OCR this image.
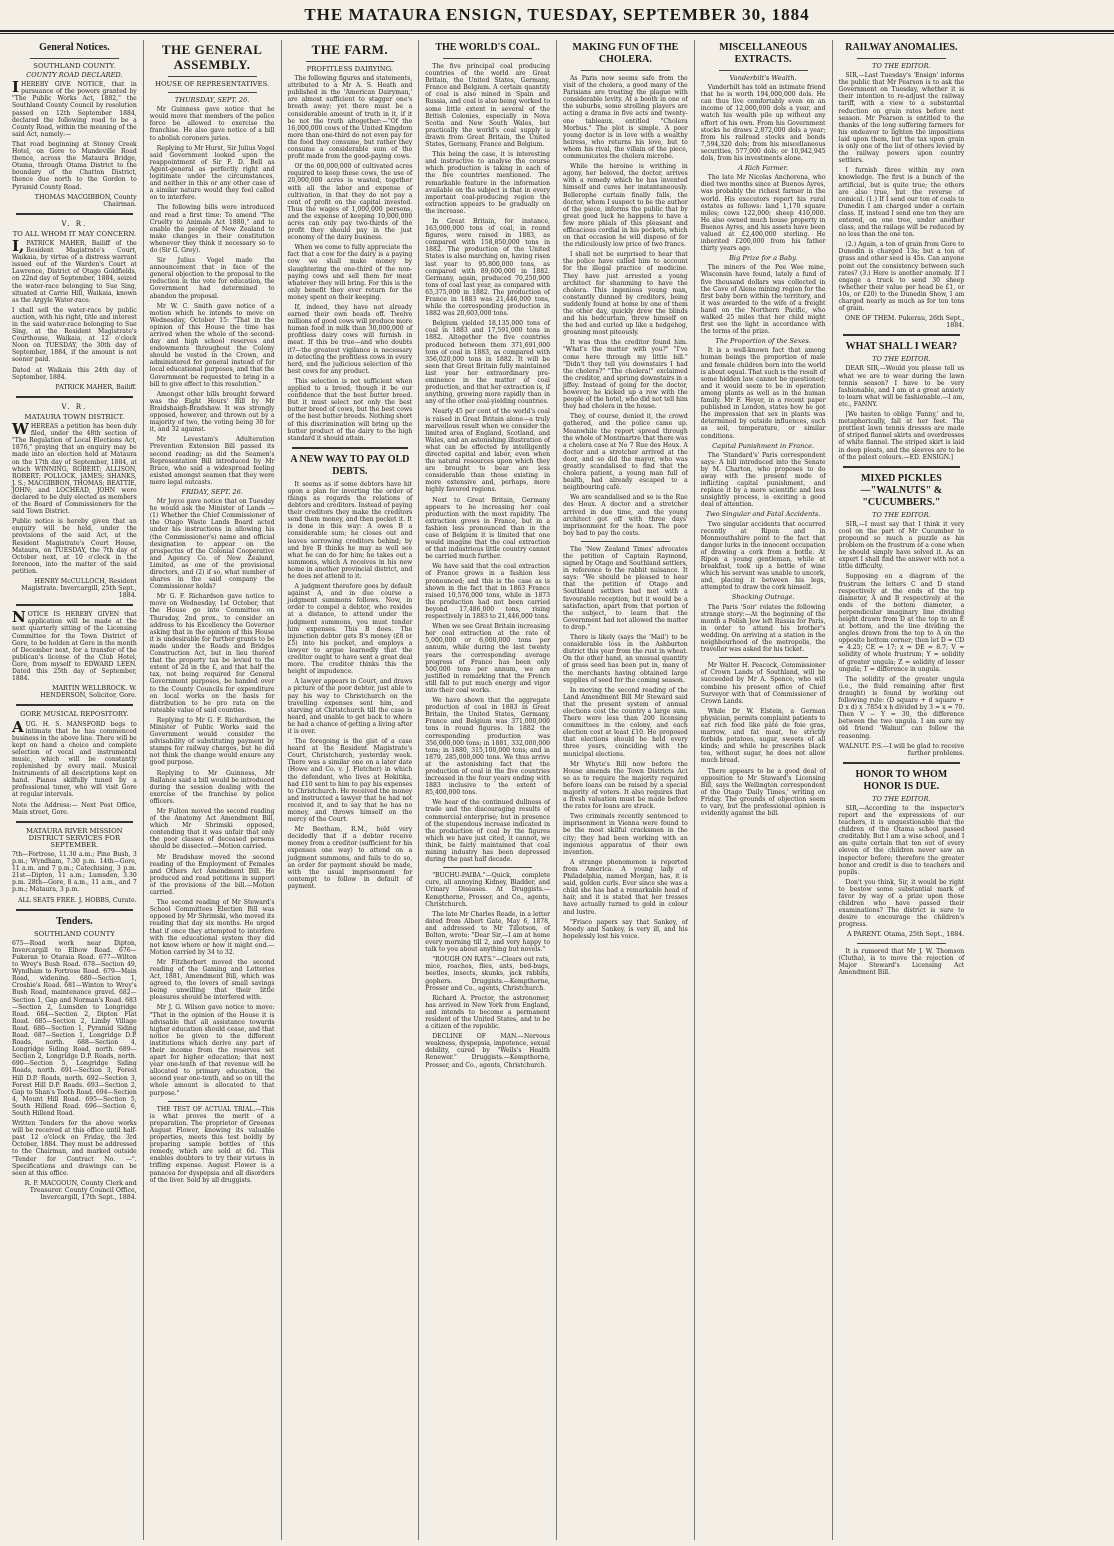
THE MATAURA ENSIGN, TUESDAY, SEPTEMBER 30, 1884
General Notices.
SOUTHLAND COUNTY.
COUNTY ROAD DECLARED.

IHEREBY GIVE NOTICE, that in pursuance of the powers granted by "The Public Works Act, 1882," the Southland County Council by resolution passed on 12th September 1884, declared the following road to be a County Road, within the meaning of the said Act, namely:—

That road beginning at Stoney Creek Hotel, on Gore to Mandeville Road thence, across the Mataura Bridge, Otama, through Otama District to the boundary of the Chatton District, thence due north to the Gordon to Pyramid County Road.

THOMAS MACGIBBON, County Chairman.
V. R.
TO ALL WHOM IT MAY CONCERN.

I,PATRICK MAHER, Bailiff of the Resident Magistrate's Court, Waikaia, by virtue of a distress warrant issued out of the Warden's Court at Lawrence, District of Otago Goldfields, on 22nd day of September, 1884, seized the water-race belonging to Sue Sing, situated at Carrie Hill, Waikaia, known as the Argyle Water-race.

I shall sell the water-race by public auction, with his right, title and interest in the said water-race belonging to Sue Sing, at the Resident Magistrate's Courthouse, Waikaia, at 12 o'clock Noon on TUESDAY, the 30th day of September, 1884, if the amount is not sooner paid.

Dated at Waikaia this 24th day of September, 1884.

PATRICK MAHER, Bailiff.
V. R.
MATAURA TOWN DISTRICT.

WHEREAS a petition has been duly filed, under the 48th section of "The Regulation of Local Elections Act, 1876," praying that an enquiry may be made into an election held at Mataura on the 17th day of September, 1884, at which WINNING, ROBERT; ALLISON, ROBERT; POLLOCK, JAMES; SHANKS, J. S.; MACGIBBON, THOMAS; BEATTIE, JOHN; and LOCHEAD, JOHN were declared to be duly elected as members of the Board of Commissioners for the said Town District.

Public notice is hereby given that an enquiry will be held, under the provisions of the said Act, at the Resident Magistrate's Court House, Mataura, on TUESDAY, the 7th day of October next, at 10 o'clock in the forenoon, into the matter of the said petition.

HENRY McCULLOCH, Resident Magistrate. Invercargill, 25th Sept., 1884.

NOTICE IS HEREBY GIVEN that application will be made at the next quarterly sitting of the Licensing Committee for the Town District of Gore, to be holden at Gore in the month of December next, for a transfer of the publican's license of the Club Hotel, Gore, from myself to EDWARD LEEN. Dated this 25th day of September, 1884.

MARTIN WELLBROCK. W. HENDERSON, Solicitor, Gore.
GORE MUSICAL REPOSITORY.

AUG. H. S. MANSFORD begs to intimate that he has commenced business in the above line. There will be kept on hand a choice and complete selection of vocal and instrumental music, which will be constantly replenished by every mail. Musical Instruments of all descriptions kept on hand. Pianos skilfully tuned by a professional tuner, who will visit Gore at regular intervals.

Note the Address:— Next Post Office, Main street, Gore.

MATAURA RIVER MISSION DISTRICT SERVICES FOR SEPTEMBER.

7th—Fortrose, 11.30 a.m.; Pine Bush, 3 p.m.; Wyndham, 7.30 p.m. 14th—Gore, 11 a.m. and 7 p.m.; Catechising, 3 p.m. 21st—Dipton, 11 a.m.; Lumsden, 3.30 p.m. 28th—Gore, 8 a.m., 11 a.m., and 7 p.m.; Mataura, 3 p.m.

ALL SEATS FREE. J. HOBBS, Curate.
Tenders.
SOUTHLAND COUNTY

675—Road work near Dipton, Invercargill to Elbow Road. 676—Fukeran to Otaraia Road. 677—Wilton to Wrey's Bush Road. 678—Section 49, Wyndham to Fortrose Road. 679—Main Road, widening. 680—Section 1, Crosbie's Road. 681—Winton to Wrey's Bush Road, maintenance gravel. 682—Section 1, Gap and Norman's Road. 683—Section 2, Lumsden to Longridge Road. 684—Section 2, Dipton Flat Road. 685—Section 2, Limby Village Road. 686—Section 1, Pyramid Siding Road. 687—Section 1, Longridge D.P. Roads, north. 688—Section 4, Longridge Siding Road, north. 689—Section 2, Longridge D.P. Roads, north. 690—Section 5, Longridge Siding Roads, north. 691—Section 3, Forest Hill D.P. Roads, north. 692—Section 3, Forest Hill D.P. Roads. 693—Section 2, Gap to Shan's Tooth Road. 694—Section 4, Mount Hill Road. 695—Section 5, South Hillend Road. 696—Section 6, South Hillend Road.

Written Tenders for the above works will be received at this office until half-past 12 o'clock on Friday, the 3rd October, 1884. They must be addressed to the Chairman, and marked outside "Tender for Contract No. —". Specifications and drawings can be seen at this office.

R. P. MACGOUN, County Clerk and Treasurer. County Council Office, Invercargill, 17th Sept., 1884.
THE GENERAL ASSEMBLY.
HOUSE OF REPRESENTATIVES.
THURSDAY, SEPT. 26.

Mr Guinness gave notice that he would move that members of the police force be allowed to exercise the franchise. He also gave notice of a bill to abolish coroners juries.

Replying to Mr Hurst, Sir Julius Vogel said Government looked upon the reappointment of Sir F. D. Bell as Agent-general as perfectly right and legitimate under the circumstances, and neither in this or any other case of a similar nature would they feel called on to interfere.

The following bills were introduced and read a first time: To amend "The Cruelty to Animals Act 1880," and to enable the people of New Zealand to make changes in their constitution whenever they think it necessary so to do (Sir G. Grey).

Sir Julius Vogel made the announcement that in face of the general objection to the proposal to the reduction in the vote for education, the Government had determined to abandon the proposal.

Mr W. C. Smith gave notice of a motion which he intends to move on Wednesday, October 15: "That in the opinion of this House the time has arrived when the whole of the second-day and high school reserves and endowments throughout the Colony should be vested in the Crown, and administered for general instead of for local educational purposes, and that the Government be requested to bring in a bill to give effect to this resolution."

Amongst other bills brought forward was the Eight Hours' Bill by Mr Braidshaigh-Bradshaw. It was strongly opposed, however, and thrown out by a majority of two, the voting being 30 for it, and 32 against.

Mr Levestam's Adulteration Prevention Extension Bill passed its second reading; as did the Seamen's Representation Bill introduced by Mr Bruce, who said a widespread feeling existed amongst seamen that they were mere legal outcasts.

FRIDAY, SEPT. 26.

Mr Joyce gave notice that on Tuesday he would ask the Minister of Lands — (1) Whether the Chief Commissioner of the Otago Waste Lands Board acted under his instructions in allowing his (the Commissioner's) name and official designation to appear on the prospectus of the Colonial Cooperative and Agency Co. of New Zealand, Limited, as one of the provisional directors, and (2) if so, what number of shares in the said company the Commissioner holds?

Mr G. F. Richardson gave notice to move on Wednesday, 1st October, that the House go into Committee on Thursday, 2nd prox., to consider an address to his Excellency the Governor asking that in the opinion of this House it is undesirable for further grants to be made under the Roads and Bridges Construction Act, but in lieu thereof that the property tax be levied to the extent of 2d in the £, and that half the tax, not being required for General Government purposes, be handed over to the County Councils for expenditure on local works on the basis for distribution to be pro rata on the rateable value of said counties.

Replying to Mr G. F. Richardson, the Minister of Public Works said the Government would consider the advisability of substituting payment by stamps for railway charges, but he did not think the change would ensure any good purpose.

Replying to Mr Guinness, Mr Ballance said a bill would be introduced during the session dealing with the exercise of the franchise by police officers.

Mr Fulton moved the second reading of the Anatomy Act Amendment Bill, which Mr Shrimski opposed, contending that it was unfair that only the poor classes of deceased persons should be dissected.—Motion carried.

Mr Bradshaw moved the second reading of the Employment of Females and Others Act Amendment Bill. He produced and read petitions in support of the provisions of the bill.—Motion carried.

The second reading of Mr Steward's School Committees Election Bill was opposed by Mr Shrimski, who moved its reading that day six months. He urged that if once they attempted to interfere with the educational system they did not know where or how it might end.—Motion carried by 34 to 32.

Mr Fitzherbert moved the second reading of the Gaming and Lotteries Act, 1881, Amendment Bill, which was agreed to, the lovers of small savings being unwilling that their little pleasures should be interfered with.

Mr J. G. Wilson gave notice to move: "That in the opinion of the House it is advisable that all assistance towards higher education should cease, and that notice be given to the different institutions which derive any part of their income from the reserves set apart for higher education; that next year one-tenth of that revenue will be allocated to primary education, the second year one-tenth, and so on till the whole amount is allocated to that purpose."

THE TEST OF ACTUAL TRIAL.—This is what proves the merit of a preparation. The proprietor of Greenes August Flower, knowing its valuable properties, meets this test boldly by preparing sample bottles of this remedy, which are sold at 6d. This enables doubters to try their virtues in trifling expense. August Flower is a panacea for dyspepsia and all disorders of the liver. Sold by all druggists.

THE FARM.
PROFITLESS DAIRYING.

The following figures and statements, attributed to a Mr A. S. Heath and published in the 'American Dairyman,' are almost sufficient to stagger one's breath away; yet there must be a considerable amount of truth in it, if it be not the truth altogether:—"Of the 16,000,000 cows of the United Kingdom more than one-third do not even pay for the food they consume, but rather they consume a considerable sum of the profit made from the good-paying cows.

Of the 60,000,000 of cultivated acres required to keep these cows, the use of 20,000,000 acres is wasted, together with all the labor and expense of cultivation, in that they do not pay a cent of profit on the capital invested. Thus the wages of 1,000,000 persons, and the expense of keeping 10,000,000 acres can only pay two-thirds of the profit they should pay in the just economy of the dairy business.

When we come to fully appreciate the fact that a cow for the dairy is a paying cow we shall make money by slaughtering the one-third of the non-paying cows and sell them for meat whatever they will bring. For this is the only benefit they ever return for the money spent on their keeping.

If, indeed, they have not already earned their own heads off. Twelve millions of good cows will produce more human food in milk than 30,000,000 of profitless dairy cows will furnish in meat. If this be true—and who doubts it?—the greatest vigilance is necessary in detecting the profitless cows in every herd, and the judicious selection of the best cows for any product.

This selection is not sufficient when applied to a breed, though it be our confidence that the best butter breed. But it must select not only the best butter breed of cows, but the best cows of the best butter breeds. Nothing short of this discrimination will bring up the butter product of the dairy to the high standard it should attain.

A NEW WAY TO PAY OLD DEBTS.

It seems as if some debtors have hit upon a plan for inverting the order of things as regards the relations of debtors and creditors. Instead of paying their creditors they make the creditors send them money, and then pocket it. It is done in this way: A owes B a considerable sum; he closes out and leaves sorrowing creditors behind; by and bye B thinks he may as well see what he can do for him; he takes out a summons, which A receives in his new home in another provincial district, and he does not attend to it.

A judgment therefore goes by default against A, and in due course a judgment summons follows. Now, in order to compel a debtor, who resides at a distance, to attend under the judgment summons, you must tender him expenses. This B does. The injunction debtor gets B's money (£8 or £5) into his pocket, and employs a lawyer to argue learnedly that the creditor ought to have sent a great deal more. The creditor thinks this the height of impudence.

A lawyer appears in Court, and draws a picture of the poor debtor, just able to pay his way to Christchurch on the travelling expenses sent him, and starving at Christchurch till the case is heard, and unable to get back to where he had a chance of getting a living after it is over.

The foregoing is the gist of a case heard at the Resident Magistrate's Court, Christchurch, yesterday week. There was a similar one on a later date (Howe and Co. v. J. Fletcher) in which the defendant, who lives at Hokitika, had £10 sent to him to pay his expenses to Christchurch. He received the money and instructed a lawyer that he had not received it, and to say that he has no money, and throws himself on the mercy of the Court.

Mr Beetham, R.M., held very decidedly that if a debtor receive money from a creditor (sufficient for his expenses one way) to attend on a judgment summons, and fails to do so, an order for payment should be made, with the usual imprisonment for contempt to follow in default of payment.

THE WORLD'S COAL.

The five principal coal producing countries of the world are Great Britain, the United States, Germany, France and Belgium. A certain quantity of coal is also mined in Spain and Russia, and coal is also being worked to some little extent in several of the British Colonies, especially in Nova Scotia and New South Wales, but practically the world's coal supply is drawn from Great Britain, the United States, Germany, France and Belgium.

This being the case, it is interesting and instructive to analyse the course which production is taking in each of the five countries mentioned. The remarkable feature in the information available on the subject is that in every important coal-producing region the extraction appears to be gradually on the increase.

In Great Britain, for instance, 163,000,000 tons of coal, in round figures, were raised in 1883, as compared with 158,850,000 tons in 1882. The production of the United States is also marching on, having risen last year to 95,800,000 tons, as compared with 89,600,000 in 1882. Germany, again, produced 70,250,000 tons of coal last year, as compared with 65,375,000 in 1882. The production of France in 1883 was 21,446,000 tons, while the corresponding production in 1882 was 20,603,000 tons.

Belgium yielded 18,135,000 tons of coal in 1883 and 17,591,000 tons in 1882. Altogether the five countries produced between them 371,691,000 tons of coal in 1883, as compared with 356,020,000 tons in 1882. It will be seen that Great Britain fully maintained last year her extraordinary pre-eminence in the matter of coal production, and that her extraction is, if anything, growing more rapidly than in any of the other coal-yielding countries.

Nearly 45 per cent of the world's coal is raised in Great Britain alone—a truly marvellous result when we consider the limited area of England, Scotland, and Wales, and an astonishing illustration of what can be effected by intelligently directed capital and labor, even when the natural resources upon which they are brought to bear are less considerable than those existing in more extensive and, perhaps, more highly favored regions.

Next to Great Britain, Germany appears to be increasing her coal production with the most rapidity. The extraction grows in France, but in a fashion less pronounced than in the case of Belgium it is limited that one would imagine that the coal extraction of that industrious little country cannot be carried much further.

We have said that the coal extraction of France grows in a fashion less pronounced; and this is the case as is shown in the fact that in 1863 France raised 10,576,000 tons, while in 1873 the production had not been carried beyond 17,486,000 tons, rising respectively in 1883 to 21,446,000 tons.

When we see Great Britain increasing her coal extraction at the rate of 5,000,000 or 6,000,000 tons per annum, while during the last twenty years the corresponding average progress of France has been only 500,000 tons per annum, we are justified in remarking that the French still fall to put much energy and vigor into their coal works.

We have shown that the aggregate production of coal in 1883 in Great Britain, the United States, Germany, France and Belgium was 371,000,000 tons in round figures. In 1882 the corresponding production was 356,000,000 tons; in 1881, 332,000,000 tons; in 1880, 315,100,000 tons; and in 1879, 285,000,000 tons. We thus arrive at the astonishing fact that the production of coal in the five countries increased in the four years ending with 1883 inclusive to the extent of 85,400,000 tons.

We hear of the continued dullness of trade and the discouraging results of commercial enterprise; but in presence of the stupendous increase indicated in the production of coal by the figures which we have just cited, it cannot, we think, be fairly maintained that coal mining industry has been depressed during the past half decade.

"BUCHU-PAIBA."—Quick, complete cure, all annoying Kidney, Bladder, and Urinary Diseases. At Druggists.—Kempthorne, Prosser, and Co., agents, Christchurch.

The late Mr Charles Reade, in a letter dated from Albert Gate, May 6, 1878, and addressed to Mr Tillotson, of Bolton, wrote: "Dear Sir,—I am at home every morning till 2, and very happy to talk to you about anything but novels."

"ROUGH ON RATS."—Clears out rats, mice, roaches, flies, ants, bed-bugs, beetles, insects, skunks, jack rabbits, gophers. Druggists.—Kempthorne, Prosser and Co., agents, Christchurch.

Richard A. Proctor, the astronomer, has arrived in New York from England, and intends to become a permanent resident of the United States, and to be a citizen of the republic.

DECLINE OF MAN.—Nervous weakness, dyspepsia, impotence, sexual debility, cured by "Wells's Health Renewer." Druggists.—Kempthorne, Prosser, and Co., agents, Christchurch.

MAKING FUN OF THE CHOLERA.

As Paris now seems safe from the visit of the cholera, a good many of the Parisians are treating the plague with considerable levity. At a booth in one of the suburbs, some strolling players are acting a drama in five acts and twenty-one tableaux, entitled "Cholera Morbus." The plot is simple. A poor young doctor is in love with a wealthy heiress, who returns his love, but to whom his rival, the villain of the piece, communicates the cholera microbe.

While the heroine is writhing in agony, her beloved, the doctor, arrives with a remedy which he has invented himself and cures her instantaneously. Bellerophe curtain finally falls, the doctor, whom I suspect to be the author of the piece, informs the public that by great good luck he happens to have a few more phials of this pleasant and efficacious cordial in his pockets, which on that occasion he will dispose of for the ridiculously low price of two francs.

I shall not be surprised to hear that the police have called him to account for the illegal practice of medicine. They have just arrested a young architect for shamming to have the cholera. This ingenious young man, constantly dunned by creditors, being suddenly found at home by one of them the other day, quickly drew the blinds and his bedcurtain, threw himself on the bed and curled up like a hedgehog, groaning most piteously.

It was thus the creditor found him. "What's the matter with you?" "I've come here through my little bill." "Didn't they tell you downstairs I had the cholera?" "The cholera!" exclaimed the creditor, and sprung downstairs in a jiffey. Instead of going for the doctor, however, he kicked up a row with the people of the hotel, who did not tell him they had cholera in the house.

They, of course, denied it, the crowd gathered, and the police came up. Meanwhile the report spread through the whole of Montmartre that there was a cholera case at No 7 Rue des Houx. A doctor and a stretcher arrived at the door, and so did the mayor, who was greatly scandalised to find that the cholera patient, a young man full of health, had already escaped to a neighbouring café.

We are scandalised and so is the Rue des Houx. A doctor and a stretcher arrived in due time, and the young architect got off with three days' imprisonment for the hoax. The poor boy had to pay the costs.

The 'New Zealand Times' advocates the petition of Captain Raymond, signed by Otago and Southland settlers, in reference to the rabbit nuisance. It says: "We should be pleased to hear that the petition of Otago and Southland settlers had met with a favourable reception, but it would be a satisfaction, apart from that portion of the subject, to learn that the Government had not allowed the matter to drop."

There is likely (says the 'Mail') to be considerable loss in the Ashburton district this year from the rust in wheat. On the other hand, an unusual quantity of grass seed has been put in, many of the merchants having obtained large supplies of seed for the coming season.

In moving the second reading of the Land Amendment Bill Mr Steward said that the present system of annual elections cost the country a large sum. There were less than 200 licensing committees in the colony, and each election cost at least £10. He proposed that elections should be held every three years, coinciding with the municipal elections.

Mr Whyte's Bill now before the House amends the Town Districts Act so as to require the majority required before loans can be raised by a special majority of voters. It also requires that a fresh valuation must be made before the rates for loans are struck.

Two criminals recently sentenced to imprisonment in Vienna were found to be the most skilful cracksmen in the city; they had been working with an ingenious apparatus of their own invention.

A strange phenomenon is reported from America. A young lady of Philadelphia, named Morgan, has, it is said, golden curls. Ever since she was a child she has had a remarkable head of hair, and it is stated that her tresses have actually turned to gold in colour and lustre.

"Frisco papers say that Sankey, of Moody and Sankey, is very ill, and his hopelessly lost his voice.

MISCELLANEOUS EXTRACTS.
Vanderbilt's Wealth.

Vanderbilt has told an intimate friend that he is worth 194,000,000 dols. He can thus live comfortably even on an income of 12,000,000 dols a year, and watch his wealth pile up without any effort of his own. From his Government stocks he draws 2,872,000 dols a year; from his railroad stocks and bonds 7,594,320 dols; from his miscellaneous securities, 577,000 dols; or 10,942,945 dols, from his investments alone.

A Rich Farmer.

The late Mr Nicolas Anchorena, who died two months since at Buenos Ayres, was probably the richest farmer in the world. His executors report his rural estates as follows: land 1,170 square miles; cows 122,000; sheep 410,000. He also owned much house property in Buenos Ayres, and his assets have been valued at £2,400,000 sterling. He inherited £200,000 from his father thirty years ago.

Big Prize for a Baby.

The miners of the Pee Wee mine, Wisconsin have found, lately a fund of five thousand dollars was collected in the Cave of Alene mining region for the first baby born within the territory, and it was awarded to the wife of a freight hand on the Northern Pacific, who walked 25 miles that her child might first see the light in accordance with the terms of the prize.

The Proportion of the Sexes.

It is a well-known fact that among human beings the proportion of male and female children born into the world is about equal. That such is the result of some hidden law cannot be questioned; and it would seem to be in operation among plants as well as in the human family. Mr F. Heyer, in a recent paper published in London, states how he got the impression that sex in plants was determined by outside influences, such as soil, temperature, or similar conditions.

Capital Punishment in France.

The 'Standard's' Paris correspondent says: A bill introduced into the Senate by M. Charton, who proposes to do away with the present mode of inflicting capital punishment, and replace it by a more scientific and less unsightly process, is exciting a good deal of attention.

Two Singular and Fatal Accidents.

Two singular accidents that occurred recently at Ripon and in Monmouthshire point to the fact that danger lurks in the innocent occupation of drawing a cork from a bottle. At Ripon a young gentleman, while at breakfast, took up a bottle of wine which his servant was unable to uncork, and, placing it between his legs, attempted to draw the cork himself.

Shocking Outrage.

The Paris 'Soir' relates the following strange story:—At the beginning of the month a Polish Jew left Russia for Paris, in order to attend his brother's wedding. On arriving at a station in the neighbourhood of the metropolis, the traveller was asked for his ticket.

Mr Walter H. Peacock, Commissioner of Crown Lands of Southland, will be succeeded by Mr A. Spence, who will combine his present office of Chief Surveyor with that of Commissioner of Crown Lands.

While Dr W. Elstein, a German physician, permits complaint patients to eat rich food like pâté de foie gras, marrow, and fat meat, he strictly forbids potatoes, sugar, sweets of all kinds; and while he prescribes black tea, without sugar, he does not allow much bread.

There appears to be a good deal of opposition to Mr Steward's Licensing Bill, says the Wellington correspondent of the Otago 'Daily Times,' writing on Friday. The grounds of objection seem to vary, but the professional opinion is evidently against the bill.

RAILWAY ANOMALIES.
TO THE EDITOR.

SIR,—Last Tuesday's 'Ensign' informs the public that Mr Pearson is to ask the Government on Tuesday, whether it is their intention to re-adjust the railway tariff, with a view to a substantial reduction on grain rates before next season. Mr Pearson is entitled to the thanks of the long suffering farmers for his endeavor to lighten the impositions laid upon them, but the tax upon grain is only one of the list of others levied by the railway powers upon country settlers.

I furnish three within my own knowledge. The first is a bunch of the artificial, but is quite true; the others are also true, but the reverse of comical. (1.) If I send our ton of coals to Dunedin I am charged under a certain class. If, instead I send one ton they are entered, on one tree, under another class, and the railage will be reduced by no less than the one ton.

(2.) Again, a ton of grain from Gore to Dunedin is charged 13s; but a ton of grass and other seed is 45s. Can anyone point out the consistency between such rates? (3.) Here is another anomaly. If I engage a truck to send 30 sheep (whether their value per head be £1, or 10s, or £20) to the Dunedin Show, I am charged nearly as much as for ten tons of grain.

ONE OF THEM. Pukerau, 26th Sept., 1884.
WHAT SHALL I WEAR?
TO THE EDITOR.

DEAR SIR,—Would you please tell us what we are to wear during the lawn tennis season? I have to be very fashionable, and I am at a great anxiety to learn what will be fashionable.—I am, etc., FANNY.

[We hasten to oblige 'Fanny,' and to, metaphorically, fall at her feet. The prettiest lawn tennis dresses are made of striped flannel skirts and overdresses of white flannel. The striped skirt is laid in deep pleats, and the sleeves are to be of the palest colours.—ED. ENSIGN.]

MIXED PICKLES—"WALNUTS" & "CUCUMBERS."
TO THE EDITOR.

SIR,—I must say that I think it very cool on the part of Mr Cucumber to propound so much a puzzle as his problem on the frustrum of a cone when he should simply have solved it. As an expert I shall find the answer with not a little difficulty.

Supposing on a diagram of the frustrum the letters C and D stand respectively at the ends of the top diameter, A and B respectively at the ends of the bottom diameter, a perpendicular imaginary line dividing height drawn from D at the top to an E at bottom, and the line dividing the angles drawn from the top to A on the opposite bottom corner; then let D = CD = 4.25; CE = 17; x = DE = 8.7; V = solidity of whole frustrum; Y = solidity of greater ungula; Z = solidity of lesser ungula; T = difference in ungula.

The solidity of the greater ungula (i.e., the fluid remaining after first draught) is found by working out following rule: (D square + d square + D x d) x .7854 x h divided by 3 = x = 70. Then V − Y = 30, the difference between the two ungula. I am sure my old friend 'Walnut' can follow the reasoning.

WALNUT. P.S.—I will be glad to receive further problems.
HONOR TO WHOM HONOR IS DUE.
TO THE EDITOR.

SIR,—According to the inspector's report and the expressions of our teachers, it is unquestionable that the children of the Otama school passed creditably. But I am a wise school, and I am quite certain that ten out of every eleven of the children never saw an inspector before; therefore the greater honor and credit is due to teachers and pupils.

Don't you think, Sir, it would be right to bestow some substantial mark of favor by way of a prize upon those children who have passed their examinations? The district is sure to desire to encourage the children's progress.

A PARENT. Otama, 25th Sept., 1884.

It is rumored that Mr J. W. Thomson (Clutha), is to move the rejection of Major Steward's Licensing Act Amendment Bill.
